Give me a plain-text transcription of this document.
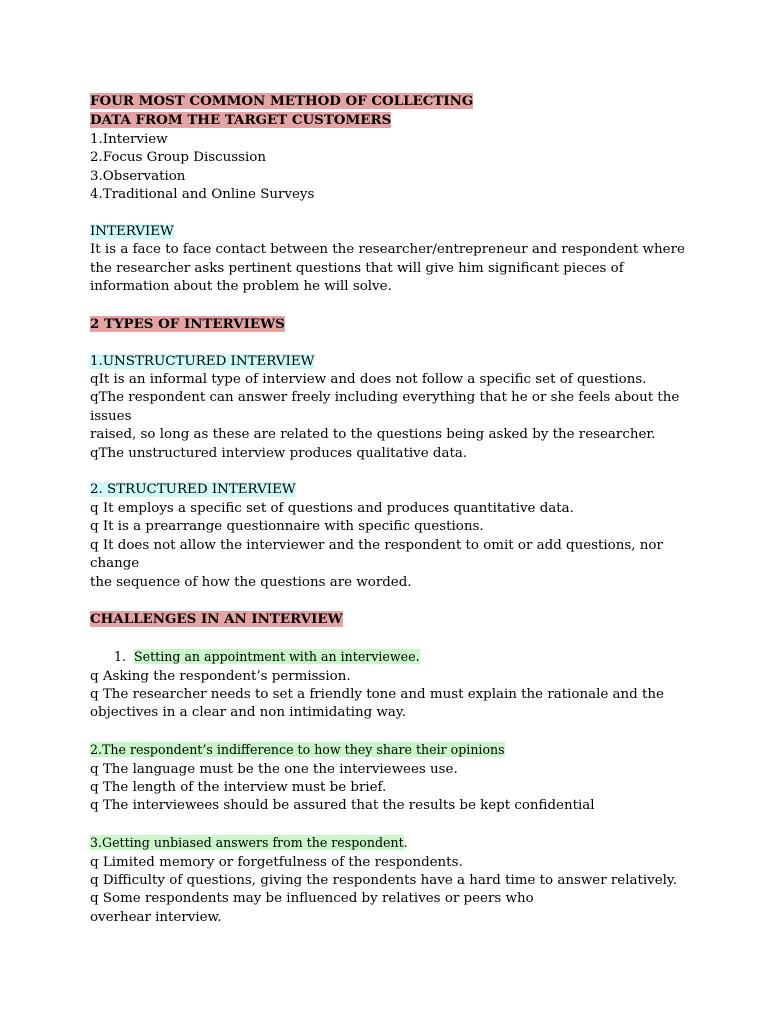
FOUR MOST COMMON METHOD OF COLLECTING
DATA FROM THE TARGET CUSTOMERS
1.Interview
2.Focus Group Discussion
3.Observation
4.Traditional and Online Surveys
INTERVIEW
It is a face to face contact between the researcher/entrepreneur and respondent where
the researcher asks pertinent questions that will give him significant pieces of
information about the problem he will solve.
2 TYPES OF INTERVIEWS
1.UNSTRUCTURED INTERVIEW
qIt is an informal type of interview and does not follow a specific set of questions.
qThe respondent can answer freely including everything that he or she feels about the
issues
raised, so long as these are related to the questions being asked by the researcher.
qThe unstructured interview produces qualitative data.
2. STRUCTURED INTERVIEW
q It employs a specific set of questions and produces quantitative data.
q It is a prearrange questionnaire with specific questions.
q It does not allow the interviewer and the respondent to omit or add questions, nor
change
the sequence of how the questions are worded.
CHALLENGES IN AN INTERVIEW
1. Setting an appointment with an interviewee.
q Asking the respondent’s permission.
q The researcher needs to set a friendly tone and must explain the rationale and the
objectives in a clear and non intimidating way.
2.The respondent’s indifference to how they share their opinions
q The language must be the one the interviewees use.
q The length of the interview must be brief.
q The interviewees should be assured that the results be kept confidential
3.Getting unbiased answers from the respondent.
q Limited memory or forgetfulness of the respondents.
q Difficulty of questions, giving the respondents have a hard time to answer relatively.
q Some respondents may be influenced by relatives or peers who
overhear interview.
